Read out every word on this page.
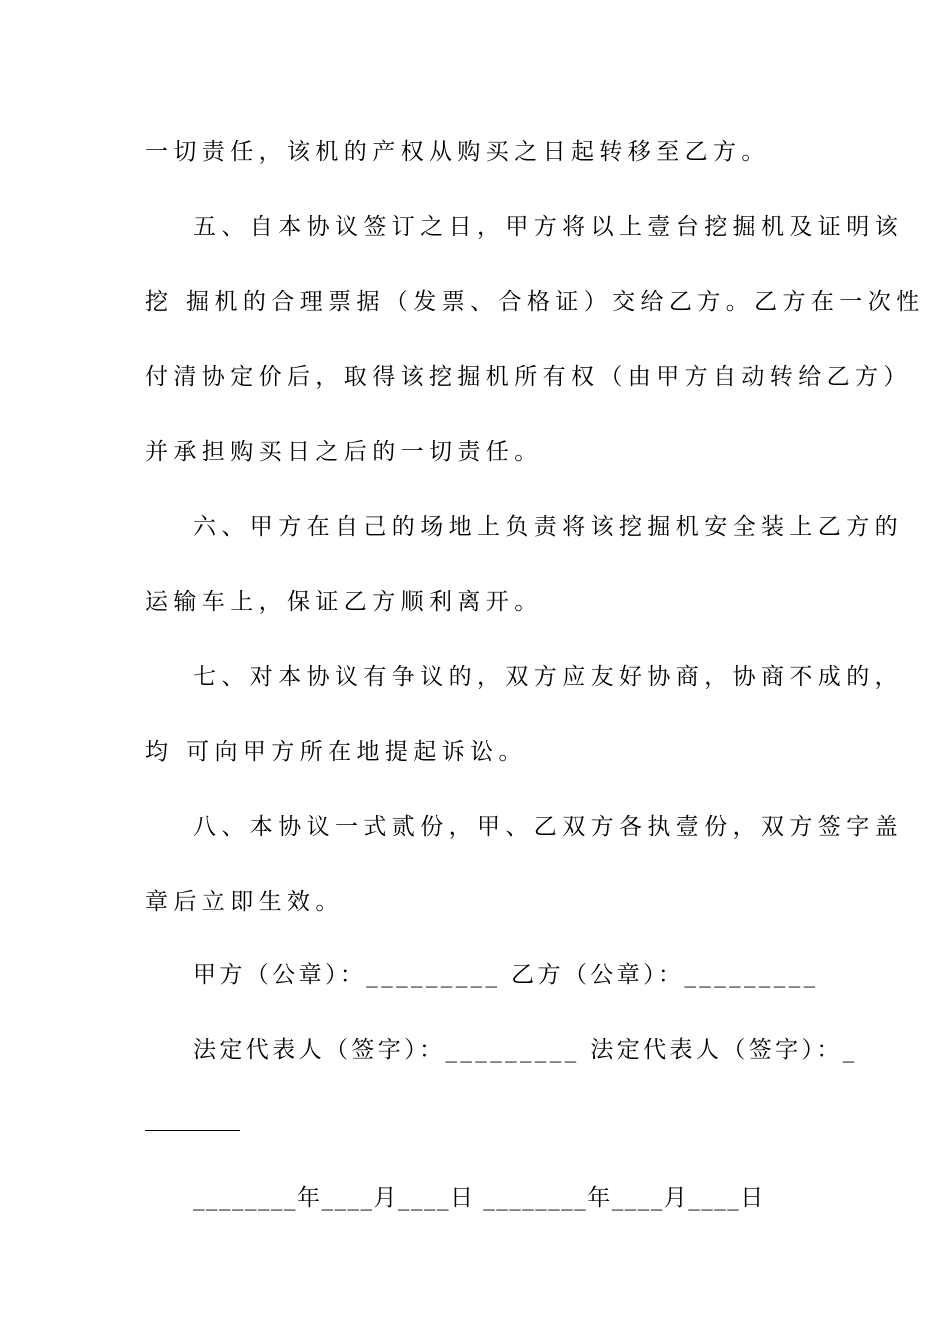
一切责任，该机的产权从购买之日起转移至乙方。
五、自本协议签订之日，甲方将以上壹台挖掘机及证明该
挖 掘机的合理票据（发票、合格证）交给乙方。乙方在一次性
付清协定价后，取得该挖掘机所有权（由甲方自动转给乙方）
并承担购买日之后的一切责任。
六、甲方在自己的场地上负责将该挖掘机安全装上乙方的
运输车上，保证乙方顺利离开。
七、对本协议有争议的，双方应友好协商，协商不成的，
均 可向甲方所在地提起诉讼。
八、本协议一式贰份，甲、乙双方各执壹份，双方签字盖
章后立即生效。
甲方（公章）：_________ 乙方（公章）：_________
法定代表人（签字）：_________ 法定代表人（签字）：_
________年____月____日 ________年____月____日
